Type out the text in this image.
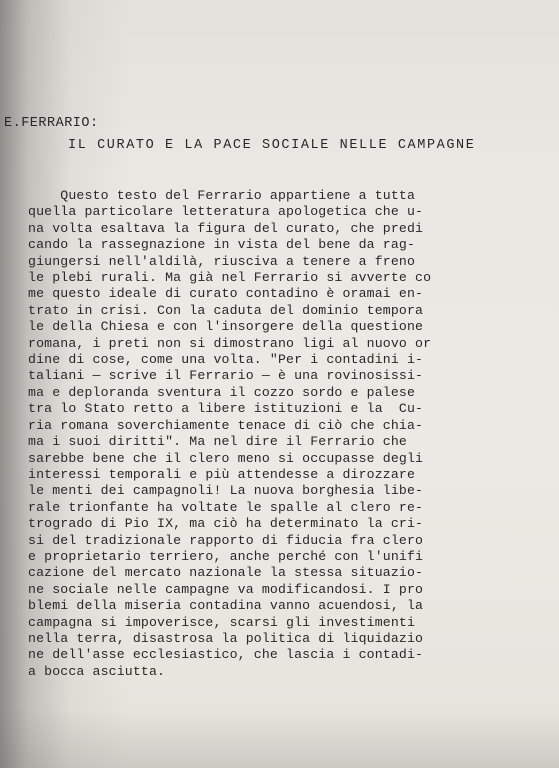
E.FERRARIO:
IL CURATO E LA PACE SOCIALE NELLE CAMPAGNE
Questo testo del Ferrario appartiene a tutta
quella particolare letteratura apologetica che u-
na volta esaltava la figura del curato, che predi
cando la rassegnazione in vista del bene da rag-
giungersi nell'aldilà, riusciva a tenere a freno
le plebi rurali. Ma già nel Ferrario si avverte co
me questo ideale di curato contadino è oramai en-
trato in crisi. Con la caduta del dominio tempora
le della Chiesa e con l'insorgere della questione
romana, i preti non si dimostrano ligi al nuovo or
dine di cose, come una volta. "Per i contadini i-
taliani — scrive il Ferrario — è una rovinosissi-
ma e deploranda sventura il cozzo sordo e palese
tra lo Stato retto a libere istituzioni e la  Cu-
ria romana soverchiamente tenace di ciò che chia-
ma i suoi diritti". Ma nel dire il Ferrario che
sarebbe bene che il clero meno si occupasse degli
interessi temporali e più attendesse a dirozzare
le menti dei campagnoli! La nuova borghesia libe-
rale trionfante ha voltate le spalle al clero re-
trogrado di Pio IX, ma ciò ha determinato la cri-
si del tradizionale rapporto di fiducia fra clero
e proprietario terriero, anche perché con l'unifi
cazione del mercato nazionale la stessa situazio-
ne sociale nelle campagne va modificandosi. I pro
blemi della miseria contadina vanno acuendosi, la
campagna si impoverisce, scarsi gli investimenti
nella terra, disastrosa la politica di liquidazio
ne dell'asse ecclesiastico, che lascia i contadi-
a bocca asciutta.
